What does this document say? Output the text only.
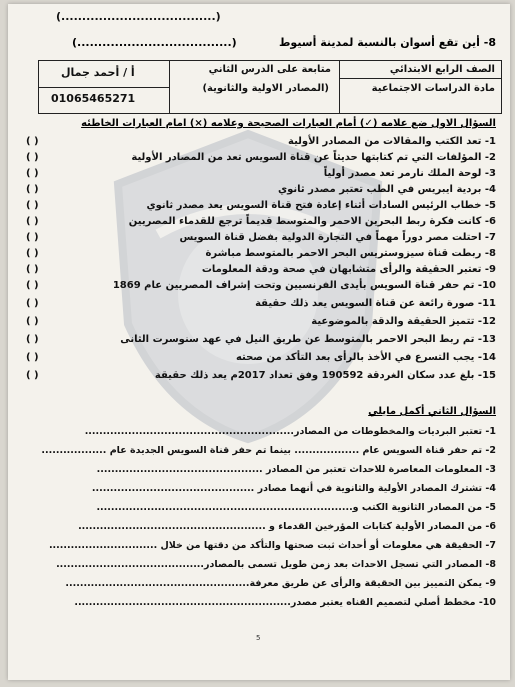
(.....................................)
8- أين تقع أسوان بالنسبة لمدينة أسيوط
(.....................................)
الصف الرابع الابتدائي
مادة الدراسات الاجتماعية
متابعة على الدرس الثاني
(المصادر الاولية والثانوية)
أ / أحمد جمال
01065465271
السؤال الاول ضع علامه (✓) أمام العبارات الصحيحة وعلامه (×) امام العبارات الخاطئه
1- تعد الكتب والمقالات من المصادر الأولية
( )
2- المؤلفات التي تم كتابتها حديثاً عن قناة السويس تعد من المصادر الأولية
( )
3- لوحة الملك نارمر تعد مصدر أولياً
( )
4- بردية ايبريس في الطب تعتبر مصدر ثانوي
( )
5- خطاب الرئيس السادات أثناء إعادة فتح قناة السويس يعد مصدر ثانوي
( )
6- كانت فكرة ربط البحرين الاحمر والمتوسط قديماً ترجع للقدماء المصريين
( )
7- احتلت مصر دوراً مهماً في التجارة الدولية بفضل قناة السويس
( )
8- ربطت قناة سيزوستريس البحر الاحمر بالمتوسط مباشرة
( )
9- تعتبر الحقيقة والرأى متشابهان في صحة ودقة المعلومات
( )
10- تم حفر قناة السويس بأيدى الفرنسيين وتحت إشراف المصريين عام 1869
( )
11- صورة رائعة عن قناة السويس يعد ذلك حقيقة
( )
12- تتميز الحقيقة والدقة بالموضوعية
( )
13- تم ربط البحر الاحمر بالمتوسط عن طريق النيل في عهد سنوسرت الثانى
( )
14- يجب التسرع في الأخذ بالرأى بعد التأكد من صحته
( )
15- بلغ عدد سكان الغردقة 190592 وفق تعداد 2017م يعد ذلك حقيقة
( )
السؤال الثاني أكمل مايلي
1- تعتبر البرديات والمخطوطات من المصادر..........................................................
2- تم حفر قناة السويس عام .................. بينما تم حفر قناة السويس الجديدة عام ..................
3- المعلومات المعاصرة للاحداث تعتبر من المصادر ..............................................
4- تشترك المصادر الأولية والثانوية في أنهما مصادر .............................................
5- من المصادر الثانوية الكتب و.......................................................................
6- من المصادر الأولية كتابات المؤرخين القدماء و ....................................................
7- الحقيقة هي معلومات أو أحداث ثبت صحتها والتأكد من دقتها من خلال ..............................
8- المصادر التي تسجل الاحداث بعد زمن طويل تسمى بالمصادر.........................................
9- يمكن التمييز بين الحقيقة والرأى عن طريق معرفة...................................................
10- مخطط أصلي لتصميم القناه يعتبر مصدر............................................................
5
